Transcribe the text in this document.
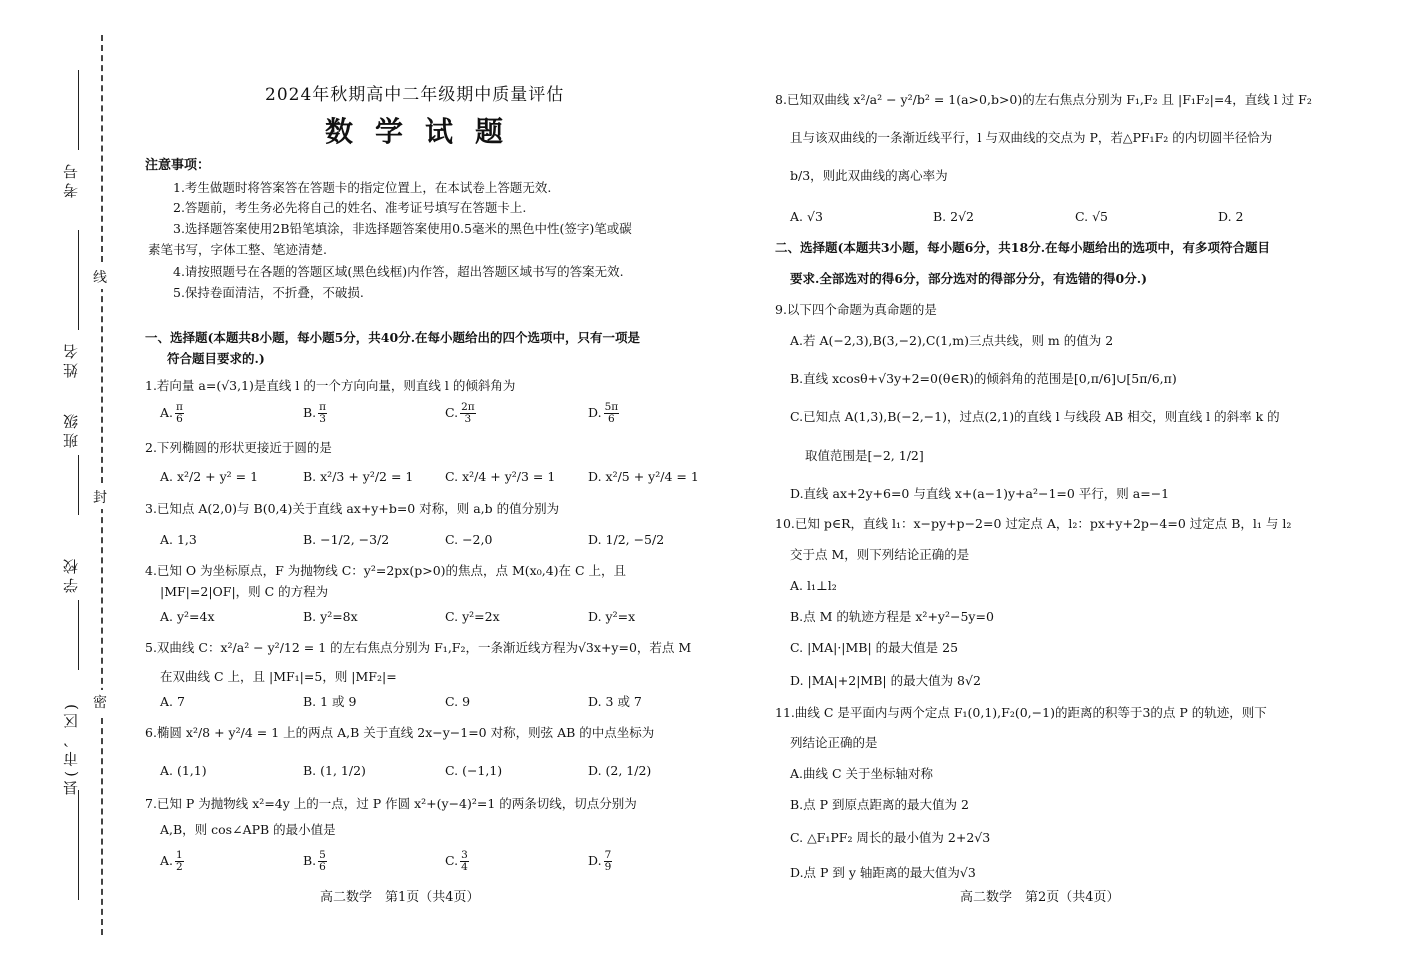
线
封
密
考号
姓名
班级
学校
县(市、区)
2024年秋期高中二年级期中质量评估
数学试题
注意事项：
1.考生做题时将答案答在答题卡的指定位置上，在本试卷上答题无效.
2.答题前，考生务必先将自己的姓名、准考证号填写在答题卡上.
3.选择题答案使用2B铅笔填涂，非选择题答案使用0.5毫米的黑色中性(签字)笔或碳
素笔书写，字体工整、笔迹清楚.
4.请按照题号在各题的答题区域(黑色线框)内作答，超出答题区域书写的答案无效.
5.保持卷面清洁，不折叠，不破损.
一、选择题(本题共8小题，每小题5分，共40分.在每小题给出的四个选项中，只有一项是
符合题目要求的.)
1.若向量 a=(√3,1)是直线 l 的一个方向向量，则直线 l 的倾斜角为
A. $\frac{\pi}{6}$	B. $\frac{\pi}{3}$	C. $\frac{2\pi}{3}$	D. $\frac{5\pi}{6}$
2.下列椭圆的形状更接近于圆的是
A. x²/2 + y² = 1	B. x²/3 + y²/2 = 1	C. x²/4 + y²/3 = 1	D. x²/5 + y²/4 = 1
3.已知点 A(2,0)与 B(0,4)关于直线 ax+y+b=0 对称，则 a,b 的值分别为
A. 1,3	B. −1/2, −3/2	C. −2,0	D. 1/2, −5/2
4.已知 O 为坐标原点，F 为抛物线 C：y²=2px(p>0)的焦点，点 M(x₀,4)在 C 上，且
|MF|=2|OF|，则 C 的方程为
A. y²=4x	B. y²=8x	C. y²=2x	D. y²=x
5.双曲线 C：x²/a² − y²/12 = 1 的左右焦点分别为 F₁,F₂，一条渐近线方程为√3x+y=0，若点 M
在双曲线 C 上，且 |MF₁|=5，则 |MF₂|=
A. 7	B. 1 或 9	C. 9	D. 3 或 7
6.椭圆 x²/8 + y²/4 = 1 上的两点 A,B 关于直线 2x−y−1=0 对称，则弦 AB 的中点坐标为
A. (1,1)	B. (1, 1/2)	C. (−1,1)	D. (2, 1/2)
7.已知 P 为抛物线 x²=4y 上的一点，过 P 作圆 x²+(y−4)²=1 的两条切线，切点分别为
A,B，则 cos∠APB 的最小值是
A. $\frac{1}{2}$	B. $\frac{5}{6}$	C. $\frac{3}{4}$	D. $\frac{7}{9}$
高二数学　第1页（共4页）
8.已知双曲线 x²/a² − y²/b² = 1(a>0,b>0)的左右焦点分别为 F₁,F₂ 且 |F₁F₂|=4，直线 l 过 F₂
且与该双曲线的一条渐近线平行，l 与双曲线的交点为 P，若△PF₁F₂ 的内切圆半径恰为
b/3，则此双曲线的离心率为
A. √3	B. 2√2	C. √5	D. 2
二、选择题(本题共3小题，每小题6分，共18分.在每小题给出的选项中，有多项符合题目
要求.全部选对的得6分，部分选对的得部分分，有选错的得0分.)
9.以下四个命题为真命题的是
A.若 A(−2,3),B(3,−2),C(1,m)三点共线，则 m 的值为 2
B.直线 xcosθ+√3y+2=0(θ∈R)的倾斜角的范围是[0,π/6]∪[5π/6,π)
C.已知点 A(1,3),B(−2,−1)，过点(2,1)的直线 l 与线段 AB 相交，则直线 l 的斜率 k 的
取值范围是[−2, 1/2]
D.直线 ax+2y+6=0 与直线 x+(a−1)y+a²−1=0 平行，则 a=−1
10.已知 p∈R，直线 l₁：x−py+p−2=0 过定点 A，l₂：px+y+2p−4=0 过定点 B，l₁ 与 l₂
交于点 M，则下列结论正确的是
A. l₁⊥l₂
B.点 M 的轨迹方程是 x²+y²−5y=0
C. |MA|·|MB| 的最大值是 25
D. |MA|+2|MB| 的最大值为 8√2
11.曲线 C 是平面内与两个定点 F₁(0,1),F₂(0,−1)的距离的积等于3的点 P 的轨迹，则下
列结论正确的是
A.曲线 C 关于坐标轴对称
B.点 P 到原点距离的最大值为 2
C. △F₁PF₂ 周长的最小值为 2+2√3
D.点 P 到 y 轴距离的最大值为√3
高二数学　第2页（共4页）
